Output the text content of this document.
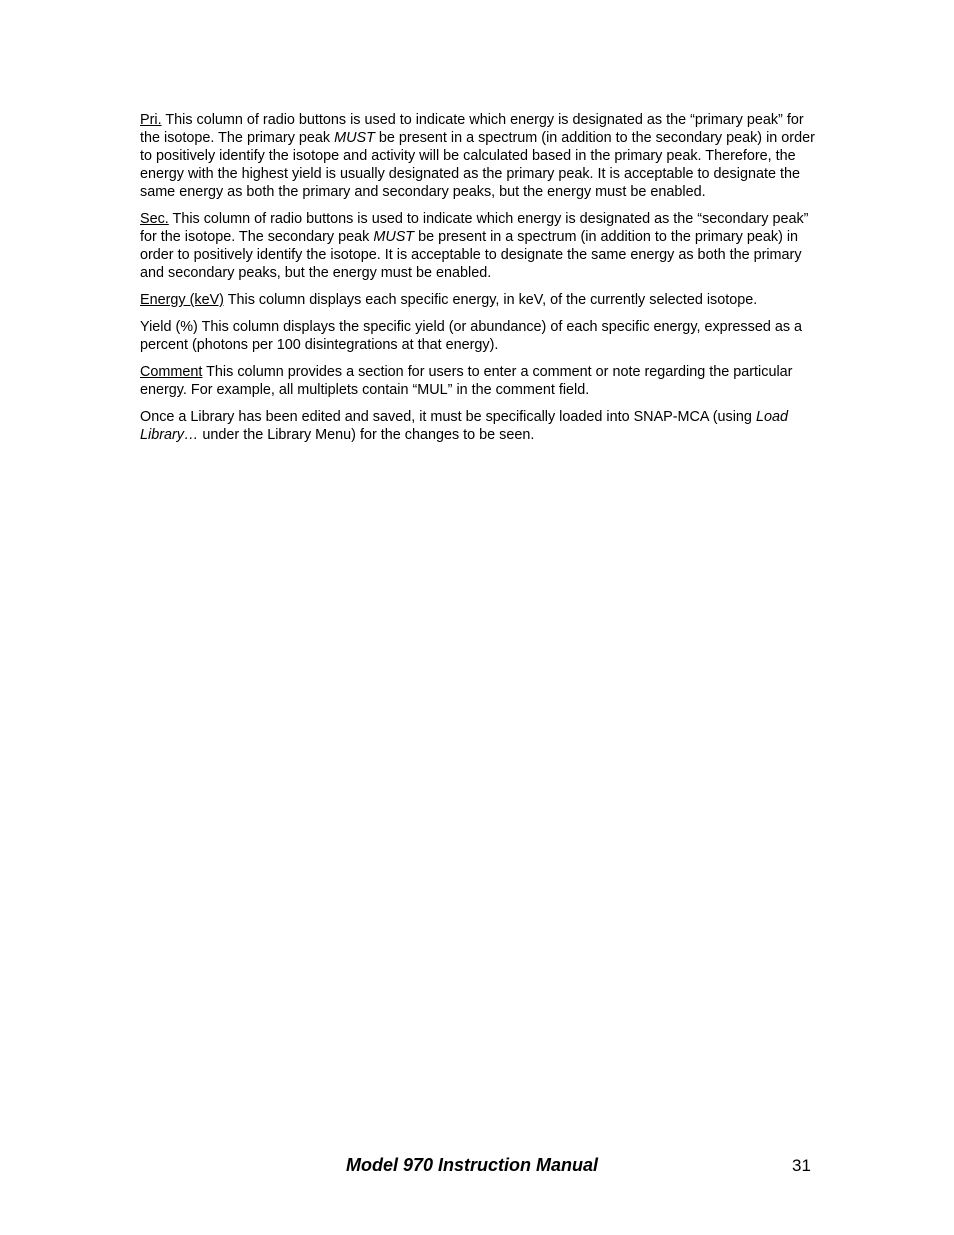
Pri. This column of radio buttons is used to indicate which energy is designated as the “primary peak” for the isotope. The primary peak MUST be present in a spectrum (in addition to the secondary peak) in order to positively identify the isotope and activity will be calculated based in the primary peak. Therefore, the energy with the highest yield is usually designated as the primary peak. It is acceptable to designate the same energy as both the primary and secondary peaks, but the energy must be enabled.

Sec. This column of radio buttons is used to indicate which energy is designated as the “secondary peak” for the isotope. The secondary peak MUST be present in a spectrum (in addition to the primary peak) in order to positively identify the isotope. It is acceptable to designate the same energy as both the primary and secondary peaks, but the energy must be enabled.

Energy (keV) This column displays each specific energy, in keV, of the currently selected isotope.

Yield (%) This column displays the specific yield (or abundance) of each specific energy, expressed as a percent (photons per 100 disintegrations at that energy).

Comment This column provides a section for users to enter a comment or note regarding the particular energy. For example, all multiplets contain “MUL” in the comment field.

Once a Library has been edited and saved, it must be specifically loaded into SNAP-MCA (using Load Library… under the Library Menu) for the changes to be seen.

Model 970 Instruction Manual	31
